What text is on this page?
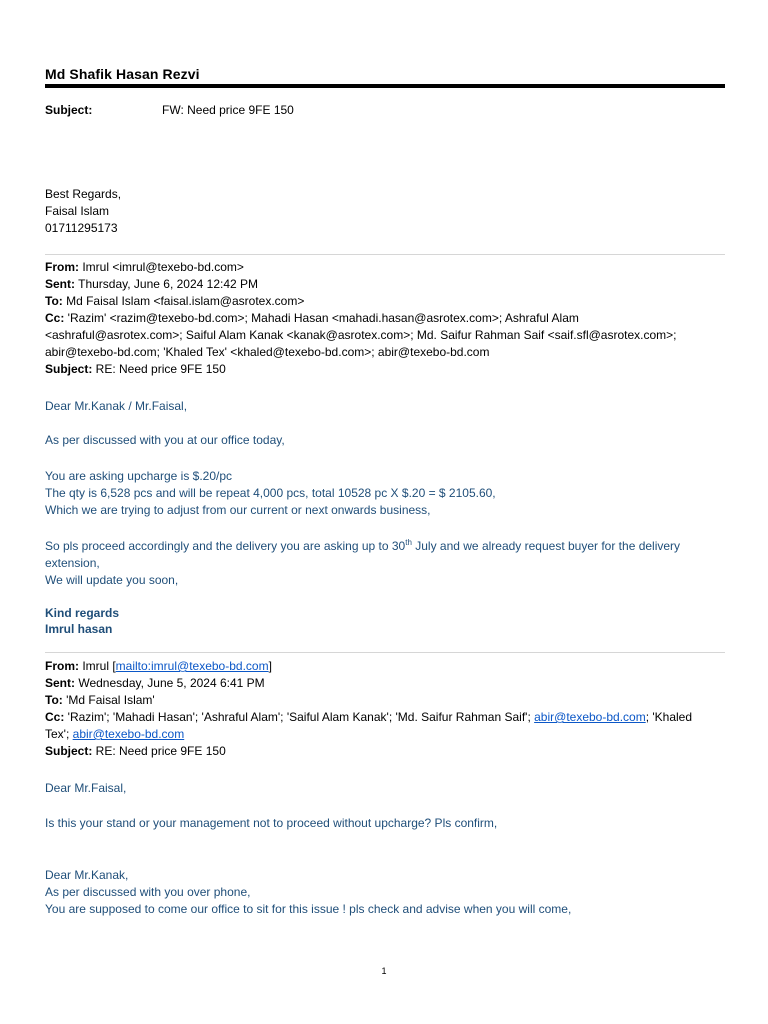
Md Shafik Hasan Rezvi
Subject:	FW: Need price 9FE 150
Best Regards,
Faisal Islam
01711295173
From: Imrul <imrul@texebo-bd.com>
Sent: Thursday, June 6, 2024 12:42 PM
To: Md Faisal Islam <faisal.islam@asrotex.com>
Cc: 'Razim' <razim@texebo-bd.com>; Mahadi Hasan <mahadi.hasan@asrotex.com>; Ashraful Alam
<ashraful@asrotex.com>; Saiful Alam Kanak <kanak@asrotex.com>; Md. Saifur Rahman Saif <saif.sfl@asrotex.com>;
abir@texebo-bd.com; 'Khaled Tex' <khaled@texebo-bd.com>; abir@texebo-bd.com
Subject: RE: Need price 9FE 150
Dear Mr.Kanak / Mr.Faisal,
As per discussed with you at our office today,
You are asking upcharge is $.20/pc
The qty is 6,528 pcs and will be repeat 4,000 pcs, total 10528 pc X $.20 = $ 2105.60,
Which we are trying to adjust from our current or next onwards business,
So pls proceed accordingly and the delivery you are asking up to 30th July and we already request buyer for the delivery
extension,
We will update you soon,
Kind regards
Imrul hasan
From: Imrul [mailto:imrul@texebo-bd.com]
Sent: Wednesday, June 5, 2024 6:41 PM
To: 'Md Faisal Islam'
Cc: 'Razim'; 'Mahadi Hasan'; 'Ashraful Alam'; 'Saiful Alam Kanak'; 'Md. Saifur Rahman Saif'; abir@texebo-bd.com; 'Khaled
Tex'; abir@texebo-bd.com
Subject: RE: Need price 9FE 150
Dear Mr.Faisal,
Is this your stand or your management not to proceed without upcharge? Pls confirm,
Dear Mr.Kanak,
As per discussed with you over phone,
You are supposed to come our office to sit for this issue ! pls check and advise when you will come,
1
